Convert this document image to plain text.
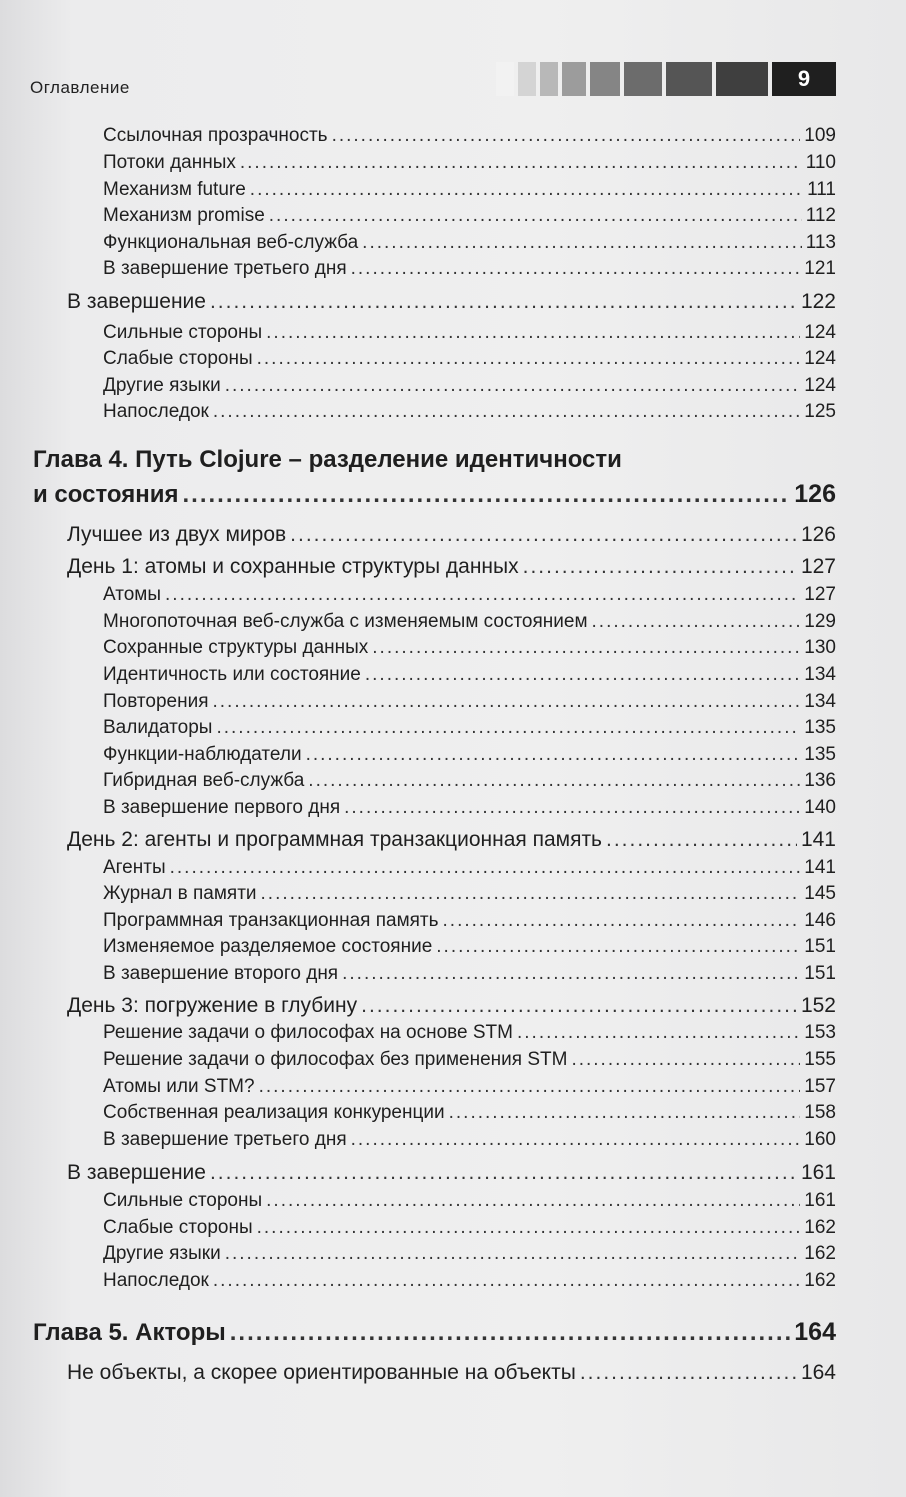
Оглавление	9
Ссылочная прозрачность .....	109
Потоки данных .....	110
Механизм future .....	111
Механизм promise .....	112
Функциональная веб-служба .....	113
В завершение третьего дня .....	121
В завершение .....	122
Сильные стороны .....	124
Слабые стороны .....	124
Другие языки .....	124
Напоследок .....	125
Глава 4. Путь Clojure – разделение идентичности
и состояния .....	126
Лучшее из двух миров .....	126
День 1: атомы и сохранные структуры данных .....	127
Атомы .....	127
Многопоточная веб-служба с изменяемым состоянием .....	129
Сохранные структуры данных .....	130
Идентичность или состояние .....	134
Повторения .....	134
Валидаторы .....	135
Функции-наблюдатели .....	135
Гибридная веб-служба .....	136
В завершение первого дня .....	140
День 2: агенты и программная транзакционная память .....	141
Агенты .....	141
Журнал в памяти .....	145
Программная транзакционная память .....	146
Изменяемое разделяемое состояние .....	151
В завершение второго дня .....	151
День 3: погружение в глубину .....	152
Решение задачи о философах на основе STM .....	153
Решение задачи о философах без применения STM .....	155
Атомы или STM? .....	157
Собственная реализация конкуренции .....	158
В завершение третьего дня .....	160
В завершение .....	161
Сильные стороны .....	161
Слабые стороны .....	162
Другие языки .....	162
Напоследок .....	162
Глава 5. Акторы .....	164
Не объекты, а скорее ориентированные на объекты .....	164
